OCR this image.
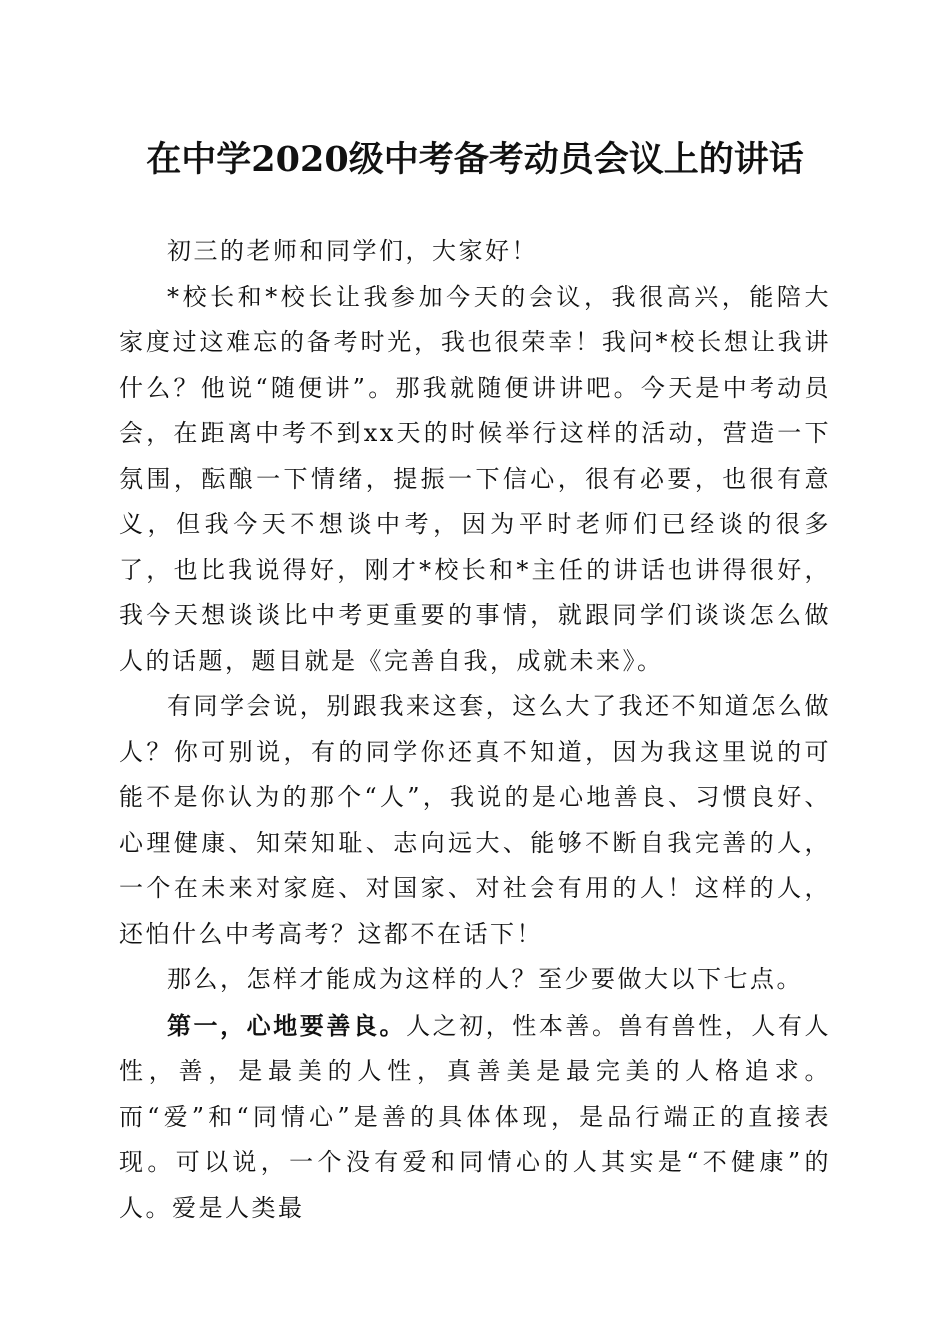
在中学2020级中考备考动员会议上的讲话

初三的老师和同学们，大家好！

*校长和*校长让我参加今天的会议，我很高兴，能陪大家度过这难忘的备考时光，我也很荣幸！我问*校长想让我讲什么？他说“随便讲”。那我就随便讲讲吧。今天是中考动员会，在距离中考不到xx天的时候举行这样的活动，营造一下氛围，酝酿一下情绪，提振一下信心，很有必要，也很有意义，但我今天不想谈中考，因为平时老师们已经谈的很多了，也比我说得好，刚才*校长和*主任的讲话也讲得很好，我今天想谈谈比中考更重要的事情，就跟同学们谈谈怎么做人的话题，题目就是《完善自我，成就未来》。

有同学会说，别跟我来这套，这么大了我还不知道怎么做人？你可别说，有的同学你还真不知道，因为我这里说的可能不是你认为的那个“人”，我说的是心地善良、习惯良好、心理健康、知荣知耻、志向远大、能够不断自我完善的人，一个在未来对家庭、对国家、对社会有用的人！这样的人，还怕什么中考高考？这都不在话下！

那么，怎样才能成为这样的人？至少要做大以下七点。

第一，心地要善良。人之初，性本善。兽有兽性，人有人性，善，是最美的人性，真善美是最完美的人格追求。而“爱”和“同情心”是善的具体体现，是品行端正的直接表现。可以说，一个没有爱和同情心的人其实是“不健康”的人。爱是人类最
